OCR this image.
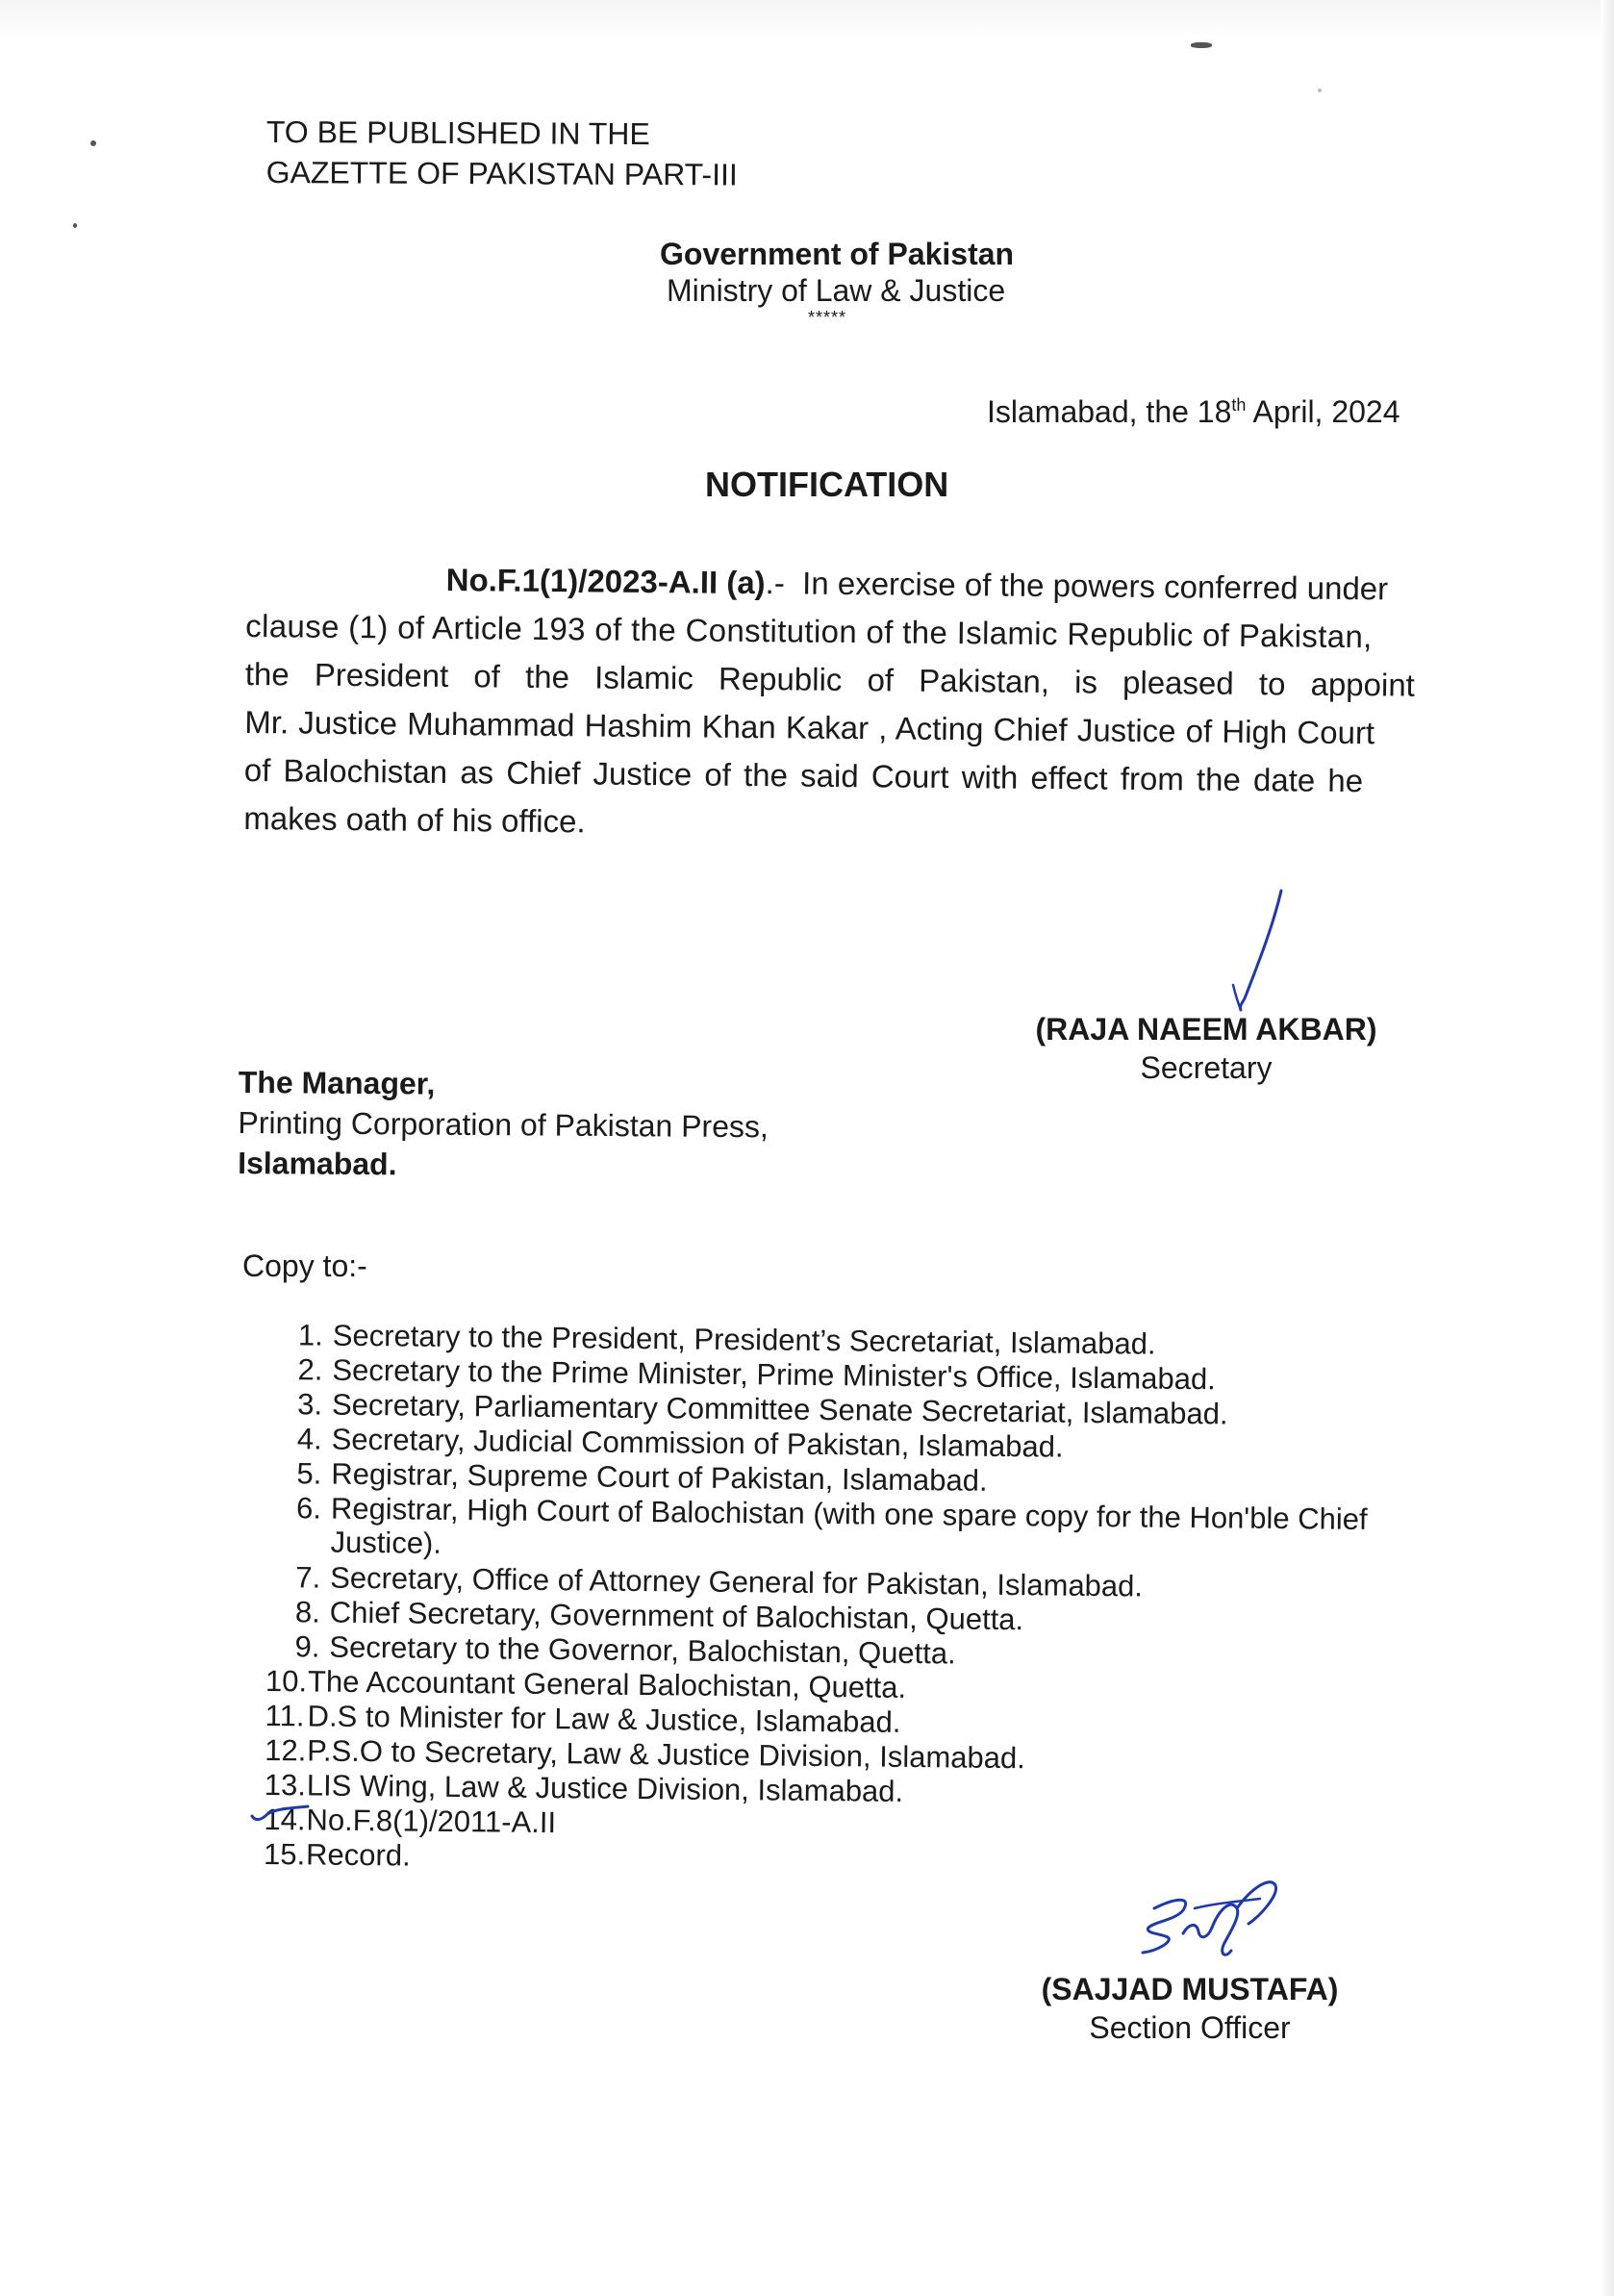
TO BE PUBLISHED IN THE
GAZETTE OF PAKISTAN PART-III
Government of Pakistan
Ministry of Law & Justice
*****
Islamabad, the 18th April, 2024
NOTIFICATION
No.F.1(1)/2023-A.II (a) .-  In exercise of the powers conferred under
clause (1) of Article 193 of the Constitution of the Islamic Republic of Pakistan,
the President of the Islamic Republic of Pakistan, is pleased to appoint
Mr. Justice Muhammad Hashim Khan Kakar , Acting Chief Justice of High Court
of Balochistan as Chief Justice of the said Court with effect from the date he
makes oath of his office.
(RAJA NAEEM AKBAR)
Secretary
The Manager,
Printing Corporation of Pakistan Press,
Islamabad.
Copy to:-
1. Secretary to the President, President’s Secretariat, Islamabad.
2. Secretary to the Prime Minister, Prime Minister's Office, Islamabad.
3. Secretary, Parliamentary Committee Senate Secretariat, Islamabad.
4. Secretary, Judicial Commission of Pakistan, Islamabad.
5. Registrar, Supreme Court of Pakistan, Islamabad.
6. Registrar, High Court of Balochistan (with one spare copy for the Hon'ble Chief Justice).
7. Secretary, Office of Attorney General for Pakistan, Islamabad.
8. Chief Secretary, Government of Balochistan, Quetta.
9. Secretary to the Governor, Balochistan, Quetta.
10. The Accountant General Balochistan, Quetta.
11. D.S to Minister for Law & Justice, Islamabad.
12. P.S.O to Secretary, Law & Justice Division, Islamabad.
13. LIS Wing, Law & Justice Division, Islamabad.
14. No.F.8(1)/2011-A.II
15. Record.
(SAJJAD MUSTAFA)
Section Officer
